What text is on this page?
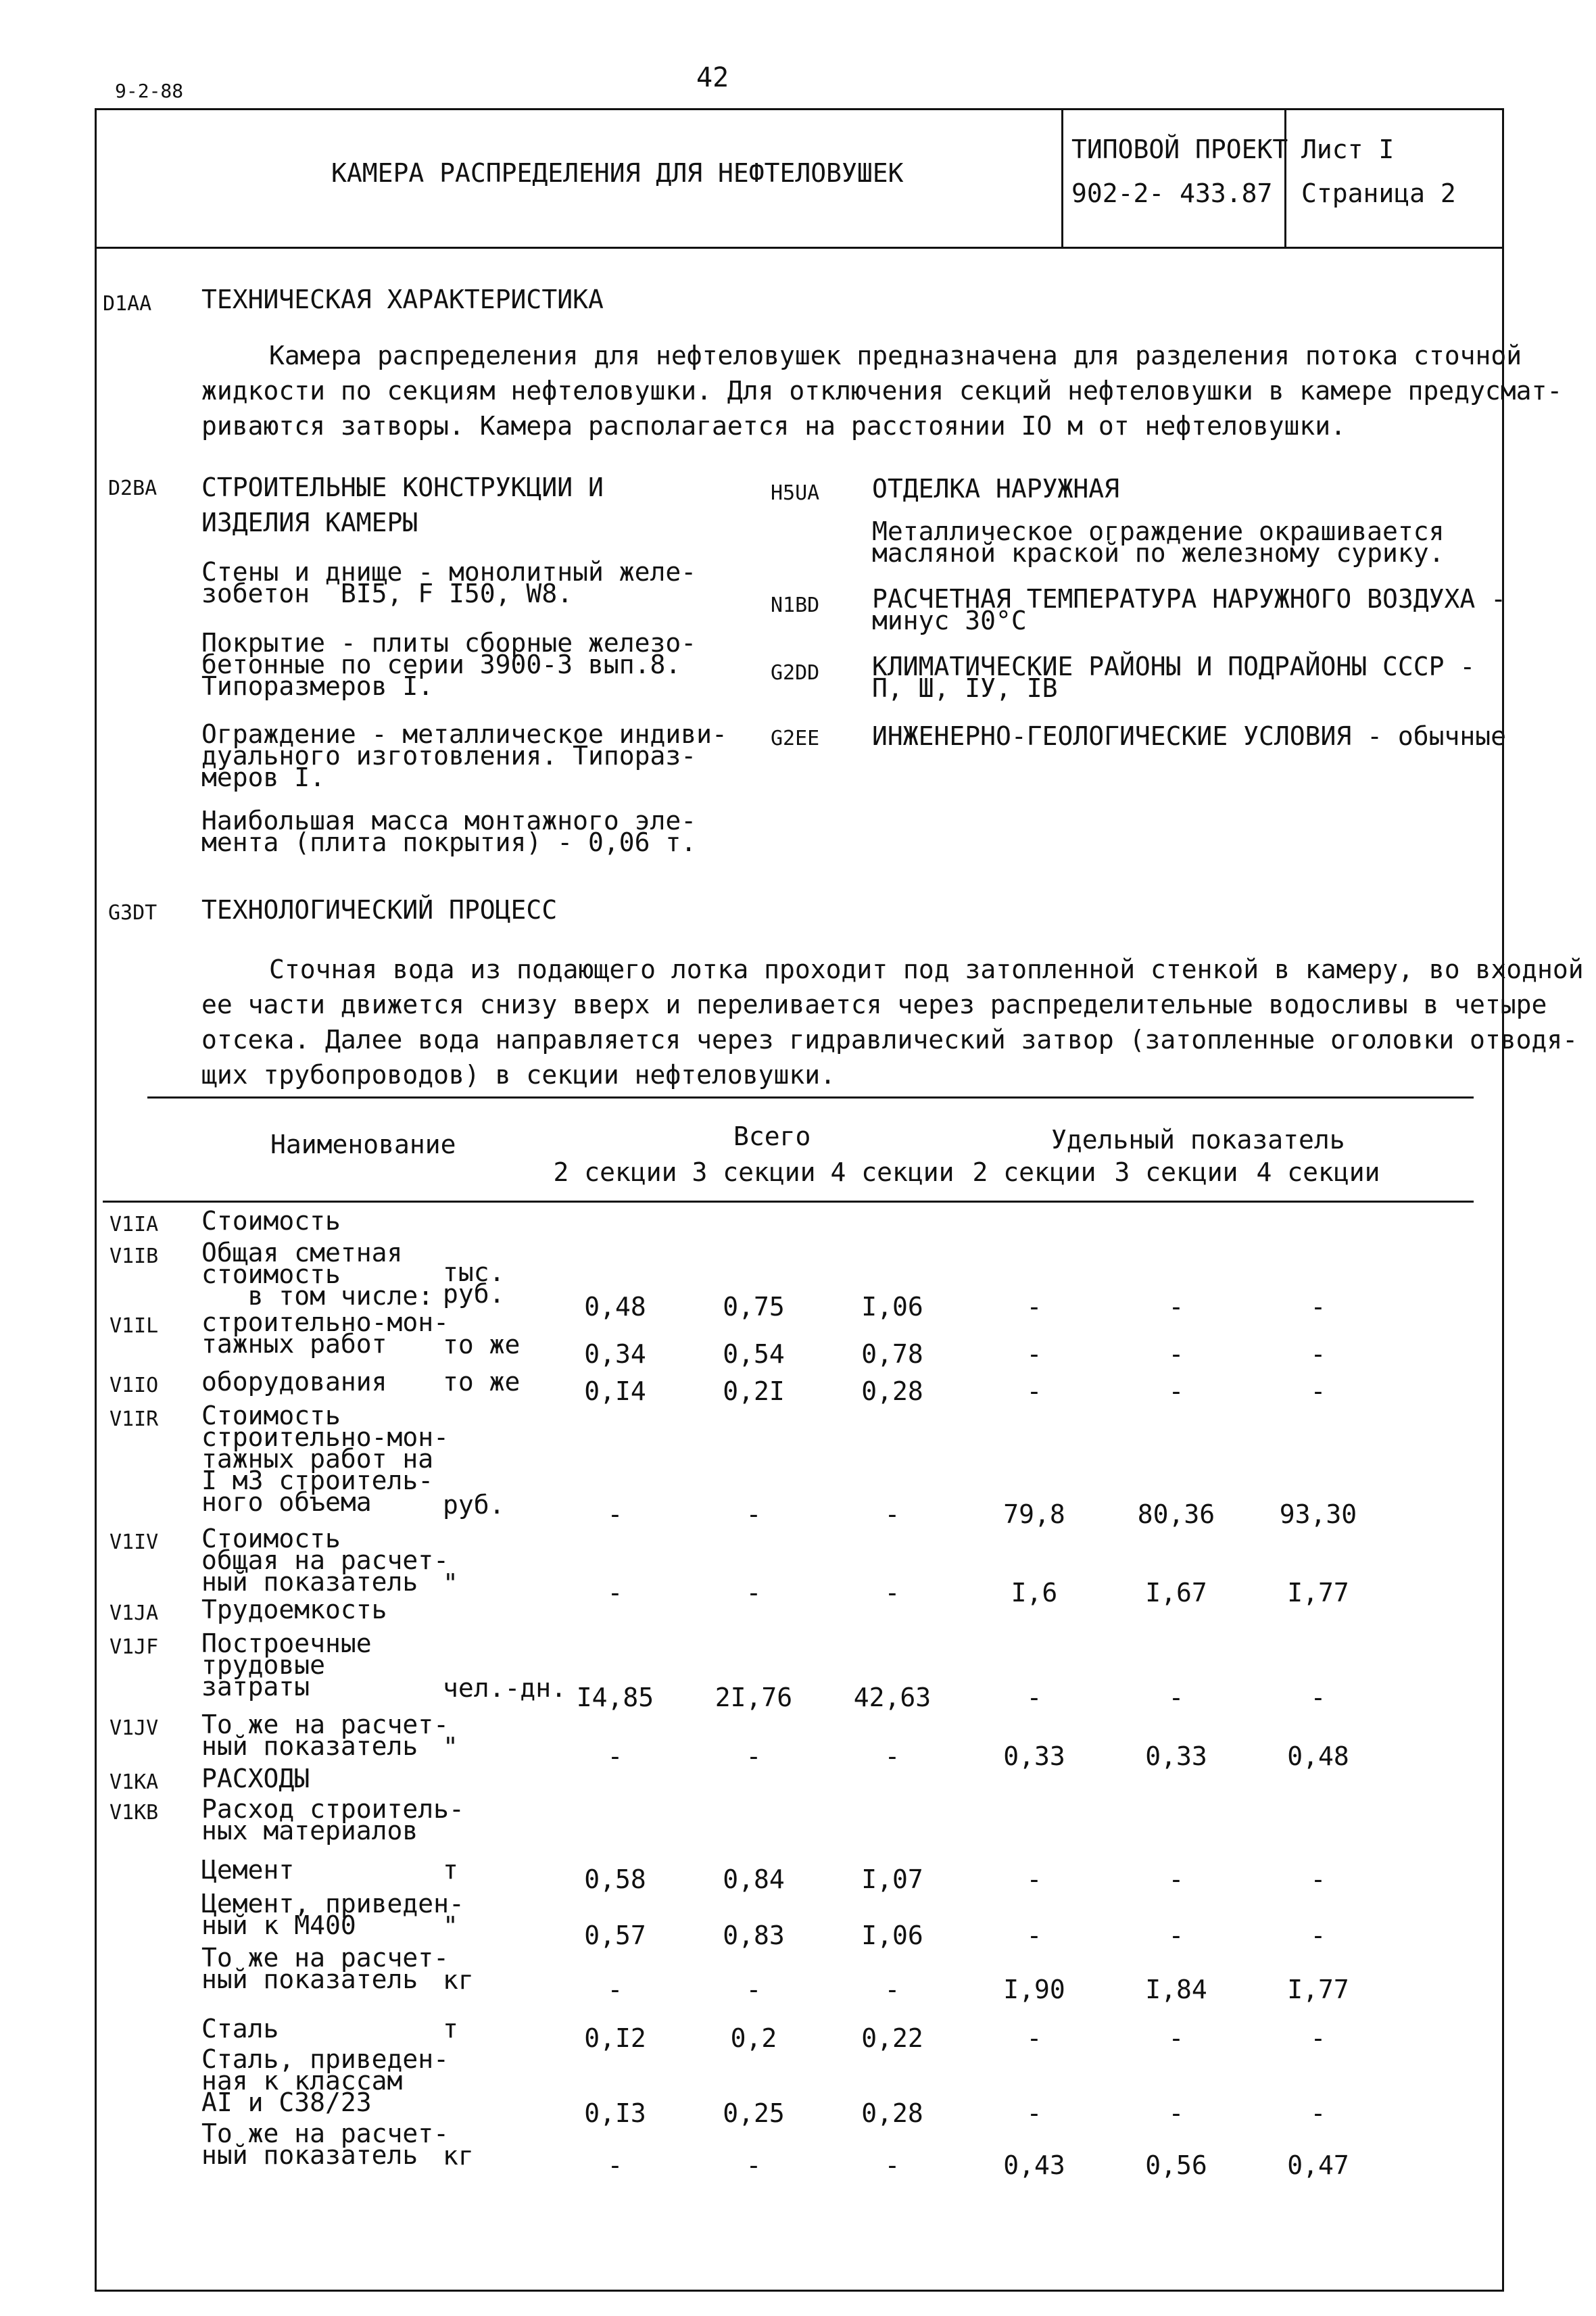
9-2-88	42
КАМЕРА РАСПРЕДЕЛЕНИЯ ДЛЯ НЕФТЕЛОВУШЕК
ТИПОВОЙ ПРОЕКТ
902-2- 433.87
Лист I
Страница 2
D1AA ТЕХНИЧЕСКАЯ ХАРАКТЕРИСТИКА
Камера распределения для нефтеловушек предназначена для разделения потока сточной
жидкости по секциям нефтеловушки. Для отключения секций нефтеловушки в камере предусмат-
риваются затворы. Камера располагается на расстоянии IO м от нефтеловушки.
D2BA СТРОИТЕЛЬНЫЕ КОНСТРУКЦИИ И
ИЗДЕЛИЯ КАМЕРЫ
Стены и днище - монолитный желе-
зобетон  BI5, F I50, W8.
Покрытие - плиты сборные железо-
бетонные по серии 3900-3 вып.8.
Типоразмеров I.
Ограждение - металлическое индиви-
дуального изготовления. Типораз-
меров I.
Наибольшая масса монтажного эле-
мента (плита покрытия) - 0,06 т.
H5UA ОТДЕЛКА НАРУЖНАЯ
Металлическое ограждение окрашивается
масляной краской по железному сурику.
N1BD РАСЧЕТНАЯ ТЕМПЕРАТУРА НАРУЖНОГО ВОЗДУХА -
минус 30°С
G2DD КЛИМАТИЧЕСКИЕ РАЙОНЫ И ПОДРАЙОНЫ СССР -
П, Ш, IУ, IВ
G2EE ИНЖЕНЕРНО-ГЕОЛОГИЧЕСКИЕ УСЛОВИЯ - обычные
G3DT ТЕХНОЛОГИЧЕСКИЙ ПРОЦЕСС
Сточная вода из подающего лотка проходит под затопленной стенкой в камеру, во входной
ее части движется снизу вверх и переливается через распределительные водосливы в четыре
отсека. Далее вода направляется через гидравлический затвор (затопленные оголовки отводя-
щих трубопроводов) в секции нефтеловушки.
Наименование	Всего	Удельный показатель
2 секции 3 секции 4 секции 2 секции 3 секции 4 секции
V1IA Стоимость
V1IB Общая сметная
стоимость
в том числе:
тыс.
руб.	0,48	0,75	I,06	-	-	-
V1IL строительно-мон-
тажных работ	то же	0,34	0,54	0,78	-	-	-
V1IO оборудования то же	0,I4	0,2I	0,28	-	-	-
V1IR Стоимость
строительно-мон-
тажных работ на
I м3 строитель-
ного объема	руб.	-	-	-	79,8	80,36	93,30
V1IV Стоимость
общая на расчет-
ный показатель "	-	-	-	I,6	I,67	I,77
V1JA Трудоемкость
V1JF Построечные
трудовые
затраты	чел.-дн. I4,85	2I,76	42,63	-	-	-
V1JV То же на расчет-
ный показатель "	-	-	-	0,33	0,33	0,48
V1KA РАСХОДЫ
V1KB Расход строитель-
ных материалов
Цемент	т	0,58	0,84	I,07	-	-	-
Цемент, приведен-
ный к М400	"	0,57	0,83	I,06	-	-	-
То же на расчет-
ный показатель кг	-	-	-	I,90	I,84	I,77
Сталь	т	0,I2	0,2	0,22	-	-	-
Сталь, приведен-
ная к классам
AI и С38/23	0,I3	0,25	0,28	-	-	-
То же на расчет-
ный показатель кг	-	-	-	0,43	0,56	0,47
